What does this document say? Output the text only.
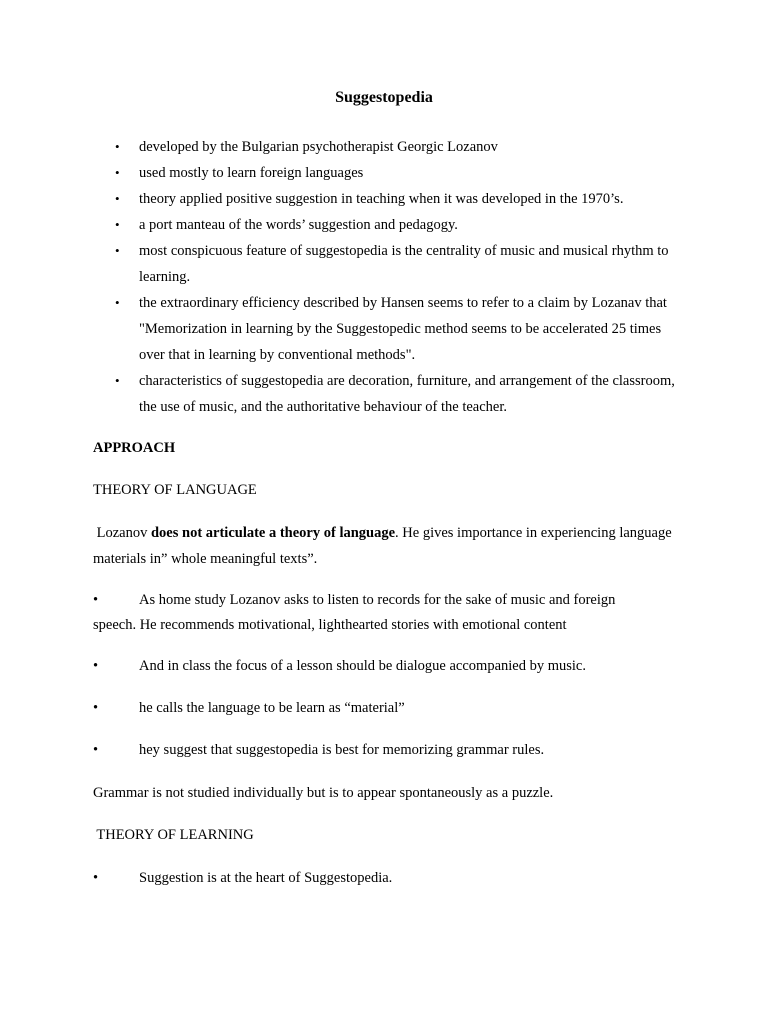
Suggestopedia
• developed by the Bulgarian psychotherapist Georgic Lozanov
• used mostly to learn foreign languages
• theory applied positive suggestion in teaching when it was developed in the 1970’s.
• a port manteau of the words’ suggestion and pedagogy.
• most conspicuous feature of suggestopedia is the centrality of music and musical rhythm to learning.
• the extraordinary efficiency described by Hansen seems to refer to a claim by Lozanav that "Memorization in learning by the Suggestopedic method seems to be accelerated 25 times over that in learning by conventional methods".
• characteristics of suggestopedia are decoration, furniture, and arrangement of the classroom, the use of music, and the authoritative behaviour of the teacher.
APPROACH
THEORY OF LANGUAGE

Lozanov does not articulate a theory of language. He gives importance in experiencing language materials in” whole meaningful texts”.

•	As home study Lozanov asks to listen to records for the sake of music and foreign
speech. He recommends motivational, lighthearted stories with emotional content

•	And in class the focus of a lesson should be dialogue accompanied by music.

•	he calls the language to be learn as “material”

•	hey suggest that suggestopedia is best for memorizing grammar rules.

Grammar is not studied individually but is to appear spontaneously as a puzzle.

THEORY OF LEARNING

•	Suggestion is at the heart of Suggestopedia.
